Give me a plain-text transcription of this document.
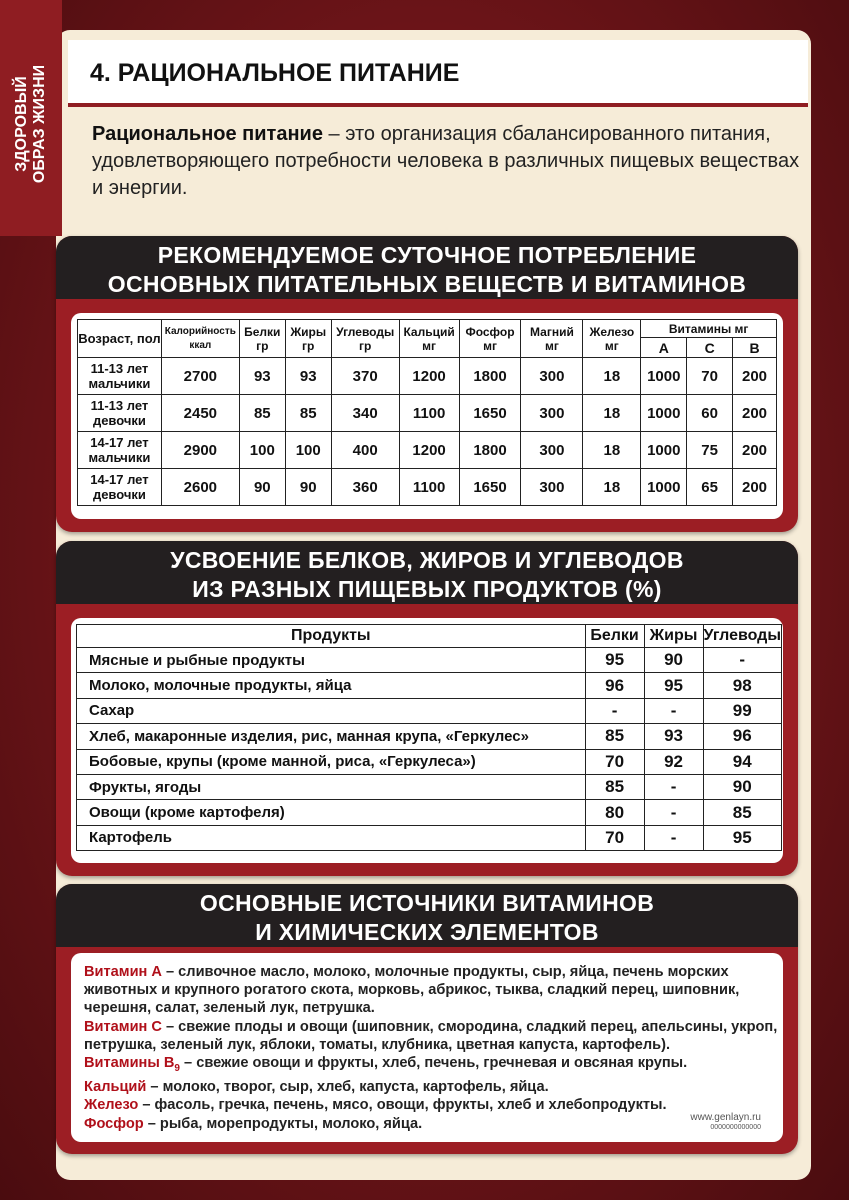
ЗДОРОВЫЙ ОБРАЗ ЖИЗНИ 4. РАЦИОНАЛЬНОЕ ПИТАНИЕ
Рациональное питание – это организация сбалансированного питания, удовлетворяющего потребности человека в различных пищевых веществах и энергии.
РЕКОМЕНДУЕМОЕ СУТОЧНОЕ ПОТРЕБЛЕНИЕ
ОСНОВНЫХ ПИТАТЕЛЬНЫХ ВЕЩЕСТВ И ВИТАМИНОВ
Возраст, пол	Калорийность ккал	Белки гр	Жиры гр	Углеводы гр	Кальций мг	Фосфор мг	Магний мг	Железо мг	Витамины мг		
									A	C	B
11-13 лет мальчики	2700	93	93	370	1200	1800	300	18	1000	70	200
11-13 лет девочки	2450	85	85	340	1100	1650	300	18	1000	60	200
14-17 лет мальчики	2900	100	100	400	1200	1800	300	18	1000	75	200
14-17 лет девочки	2600	90	90	360	1100	1650	300	18	1000	65	200
УСВОЕНИЕ БЕЛКОВ, ЖИРОВ И УГЛЕВОДОВ
ИЗ РАЗНЫХ ПИЩЕВЫХ ПРОДУКТОВ (%)
Продукты	Белки	Жиры	Углеводы
Мясные и рыбные продукты	95	90	-
Молоко, молочные продукты, яйца	96	95	98
Сахар	-	-	99
Хлеб, макаронные изделия, рис, манная крупа, «Геркулес»	85	93	96
Бобовые, крупы (кроме манной, риса, «Геркулеса»)	70	92	94
Фрукты, ягоды	85	-	90
Овощи (кроме картофеля)	80	-	85
Картофель	70	-	95
ОСНОВНЫЕ ИСТОЧНИКИ ВИТАМИНОВ
И ХИМИЧЕСКИХ ЭЛЕМЕНТОВ
Витамин А – сливочное масло, молоко, молочные продукты, сыр, яйца, печень морских животных и крупного рогатого скота, морковь, абрикос, тыква, сладкий перец, шиповник, черешня, салат, зеленый лук, петрушка.
Витамин С – свежие плоды и овощи (шиповник, смородина, сладкий перец, апельсины, укроп, петрушка, зеленый лук, яблоки, томаты, клубника, цветная капуста, картофель).
Витамины $В_9$ – свежие овощи и фрукты, хлеб, печень, гречневая и овсяная крупы.
Кальций – молоко, творог, сыр, хлеб, капуста, картофель, яйца.
Железо – фасоль, гречка, печень, мясо, овощи, фрукты, хлеб и хлебопродукты.
Фосфор – рыба, морепродукты, молоко, яйца.	www.genlayn.ru
0000000000000
